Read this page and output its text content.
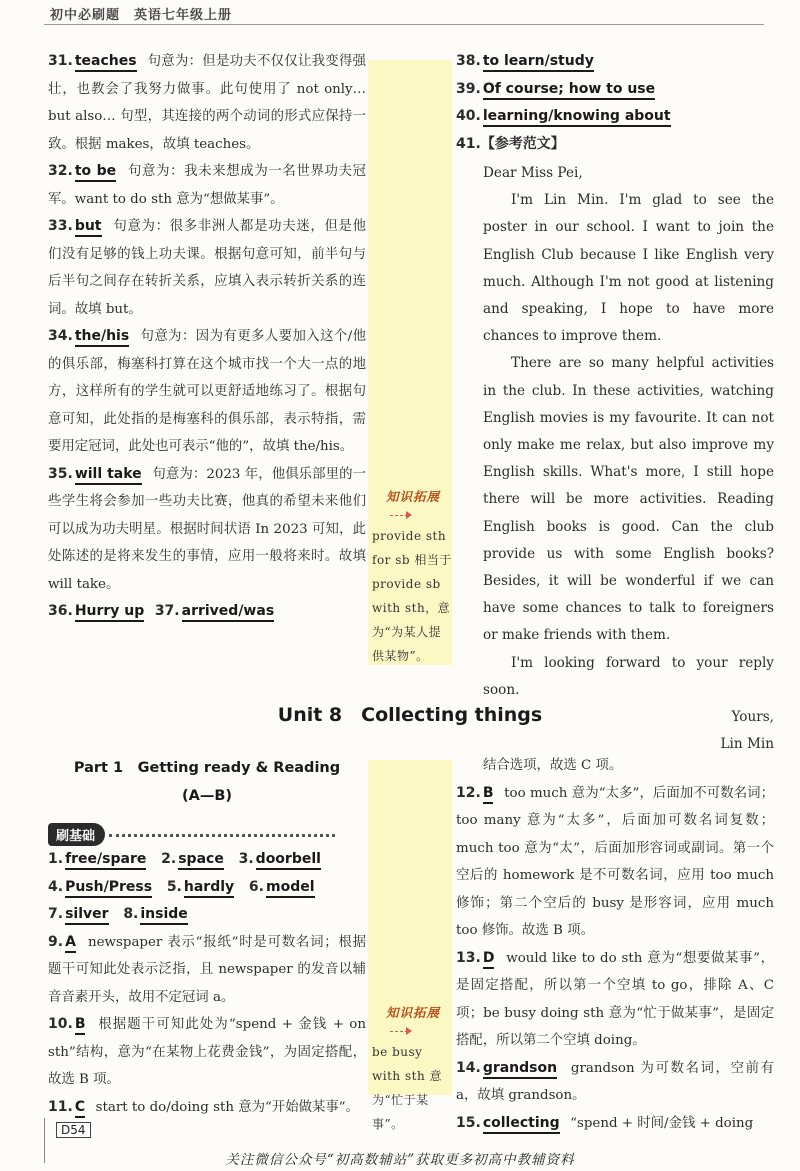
初中必刷题　英语七年级上册

31. teaches 句意为：但是功夫不仅仅让我变得强壮，也教会了我努力做事。此句使用了 not only… but also… 句型，其连接的两个动词的形式应保持一致。根据 makes，故填 teaches。

32. to be 句意为：我未来想成为一名世界功夫冠军。want to do sth 意为“想做某事”。

33. but 句意为：很多非洲人都是功夫迷，但是他们没有足够的钱上功夫课。根据句意可知，前半句与后半句之间存在转折关系，应填入表示转折关系的连词。故填 but。

34. the/his 句意为：因为有更多人要加入这个/他的俱乐部，梅塞科打算在这个城市找一个大一点的地方，这样所有的学生就可以更舒适地练习了。根据句意可知，此处指的是梅塞科的俱乐部，表示特指，需要用定冠词，此处也可表示“他的”，故填 the/his。

35. will take 句意为：2023 年，他俱乐部里的一些学生将会参加一些功夫比赛，他真的希望未来他们可以成为功夫明星。根据时间状语 In 2023 可知，此处陈述的是将来发生的事情，应用一般将来时。故填 will take。

36. Hurry up 37. arrived/was

知识拓展
provide sth for sb 相当于 provide sb with sth，意为“为某人提供某物”。

38. to learn/study

39. Of course; how to use

40. learning/knowing about

41.【参考范文】

Dear Miss Pei,

I'm Lin Min. I'm glad to see the poster in our school. I want to join the English Club because I like English very much. Although I'm not good at listening and speaking, I hope to have more chances to improve them.

There are so many helpful activities in the club. In these activities, watching English movies is my favourite. It can not only make me relax, but also improve my English skills. What's more, I still hope there will be more activities. Reading English books is good. Can the club provide us with some English books? Besides, it will be wonderful if we can have some chances to talk to foreigners or make friends with them.

I'm looking forward to your reply soon.

Yours,

Lin Min

Unit 8　Collecting things
Part 1　Getting ready & Reading
(A—B)
刷基础

1. free/spare 2. space 3. doorbell

4. Push/Press 5. hardly 6. model

7. silver 8. inside

9. A newspaper 表示“报纸”时是可数名词；根据题干可知此处表示泛指，且 newspaper 的发音以辅音音素开头，故用不定冠词 a。

10. B 根据题干可知此处为“spend + 金钱 + on sth”结构，意为“在某物上花费金钱”，为固定搭配，故选 B 项。

11. C start to do/doing sth 意为“开始做某事”。

知识拓展
be busy with sth 意为“忙于某事”。

结合选项，故选 C 项。

12. B too much 意为“太多”，后面加不可数名词；too many 意为“太多”，后面加可数名词复数；much too 意为“太”，后面加形容词或副词。第一个空后的 homework 是不可数名词，应用 too much 修饰；第二个空后的 busy 是形容词，应用 much too 修饰。故选 B 项。

13. D would like to do sth 意为“想要做某事”，是固定搭配，所以第一个空填 to go，排除 A、C 项；be busy doing sth 意为“忙于做某事”，是固定搭配，所以第二个空填 doing。

14. grandson grandson 为可数名词，空前有 a，故填 grandson。

15. collecting “spend + 时间/金钱 + doing

D54
关注微信公众号“初高数辅站”获取更多初高中教辅资料
